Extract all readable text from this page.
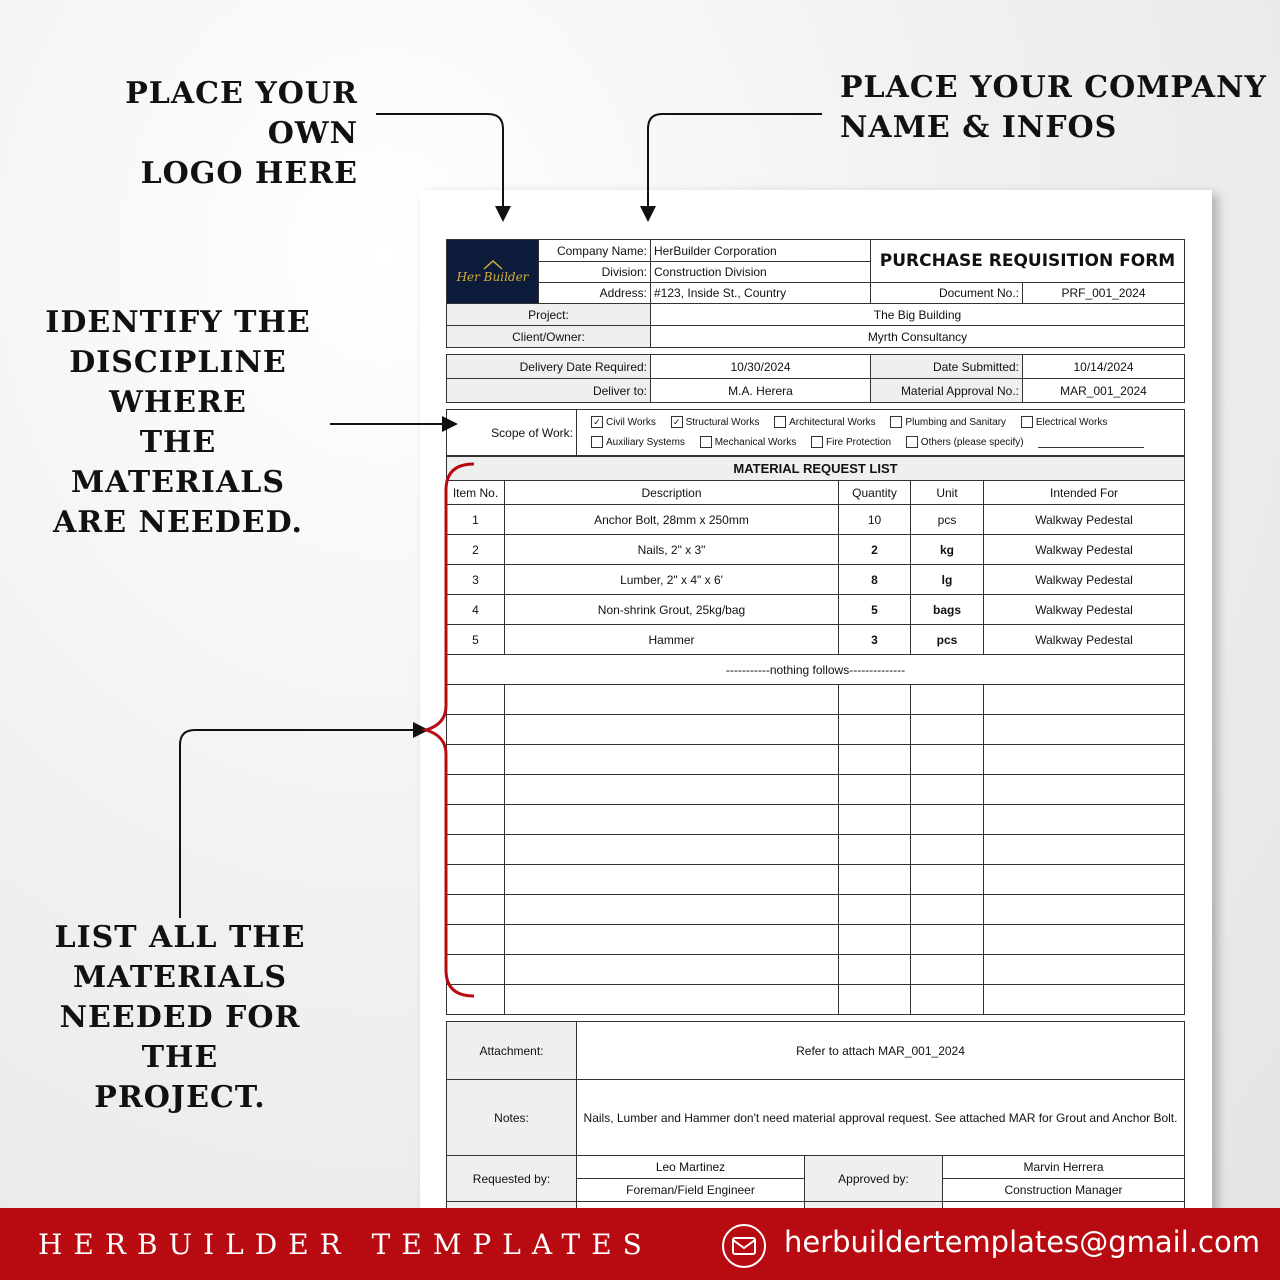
PLACE YOUR OWN
LOGO HERE
PLACE YOUR COMPANY
NAME & INFOS
IDENTIFY THE
DISCIPLINE WHERE
THE MATERIALS
ARE NEEDED.
LIST ALL THE
MATERIALS
NEEDED FOR THE
PROJECT.
Her Builder	Company Name:	HerBuilder Corporation	PURCHASE REQUISITION FORM	
	Division:	Construction Division		
	Address:	#123, Inside St., Country	Document No.:	PRF_001_2024
Project:		The Big Building		
Client/Owner:		Myrth Consultancy		
Delivery Date Required:	10/30/2024	Date Submitted:	10/14/2024
Deliver to:	M.A. Herera	Material Approval No.:	MAR_001_2024
Scope of Work:	
✓ Civil Works ✓ Structural Works	Architectural Works	Plumbing and Sanitary	Electrical Works
Auxiliary Systems	Mechanical Works	Fire Protection	Others (please specify)
MATERIAL REQUEST LIST				
Item No.	Description	Quantity	Unit	Intended For
1	Anchor Bolt, 28mm x 250mm	10	pcs	Walkway Pedestal
2	Nails, 2" x 3"	2	kg	Walkway Pedestal
3	Lumber, 2" x 4" x 6'	8	lg	Walkway Pedestal
4	Non-shrink Grout, 25kg/bag	5	bags	Walkway Pedestal
5	Hammer	3	pcs	Walkway Pedestal
-----------nothing follows--------------				

Attachment:	Refer to attach MAR_001_2024		
Notes:	Nails, Lumber and Hammer don't need material approval request. See attached MAR for Grout and Anchor Bolt.		
Requested by:	Leo Martinez	Approved by:	Marvin Herrera
	Foreman/Field Engineer		Construction Manager

HERBUILDER TEMPLATES	herbuildertemplates@gmail.com
